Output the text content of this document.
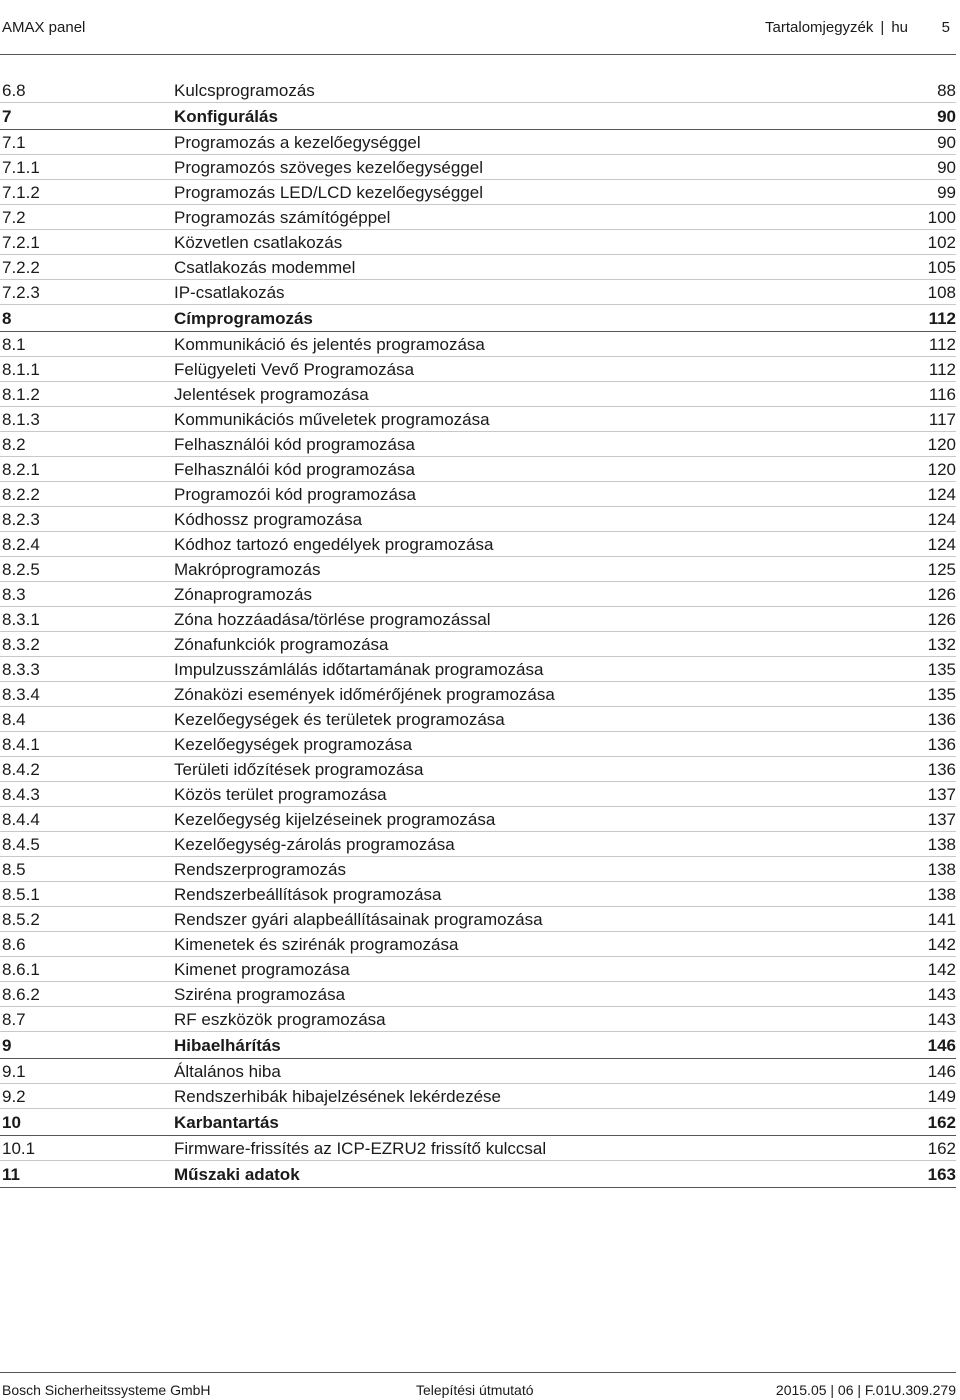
AMAX panel	Tartalomjegyzék | hu 5
6.8	Kulcsprogramozás	88
7	Konfigurálás	90
7.1	Programozás a kezelőegységgel	90
7.1.1	Programozós szöveges kezelőegységgel	90
7.1.2	Programozás LED/LCD kezelőegységgel	99
7.2	Programozás számítógéppel	100
7.2.1	Közvetlen csatlakozás	102
7.2.2	Csatlakozás modemmel	105
7.2.3	IP-csatlakozás	108
8	Címprogramozás	112
8.1	Kommunikáció és jelentés programozása	112
8.1.1	Felügyeleti Vevő Programozása	112
8.1.2	Jelentések programozása	116
8.1.3	Kommunikációs műveletek programozása	117
8.2	Felhasználói kód programozása	120
8.2.1	Felhasználói kód programozása	120
8.2.2	Programozói kód programozása	124
8.2.3	Kódhossz programozása	124
8.2.4	Kódhoz tartozó engedélyek programozása	124
8.2.5	Makróprogramozás	125
8.3	Zónaprogramozás	126
8.3.1	Zóna hozzáadása/törlése programozással	126
8.3.2	Zónafunkciók programozása	132
8.3.3	Impulzusszámlálás időtartamának programozása	135
8.3.4	Zónaközi események időmérőjének programozása	135
8.4	Kezelőegységek és területek programozása	136
8.4.1	Kezelőegységek programozása	136
8.4.2	Területi időzítések programozása	136
8.4.3	Közös terület programozása	137
8.4.4	Kezelőegység kijelzéseinek programozása	137
8.4.5	Kezelőegység-zárolás programozása	138
8.5	Rendszerprogramozás	138
8.5.1	Rendszerbeállítások programozása	138
8.5.2	Rendszer gyári alapbeállításainak programozása	141
8.6	Kimenetek és szirénák programozása	142
8.6.1	Kimenet programozása	142
8.6.2	Sziréna programozása	143
8.7	RF eszközök programozása	143
9	Hibaelhárítás	146
9.1	Általános hiba	146
9.2	Rendszerhibák hibajelzésének lekérdezése	149
10	Karbantartás	162
10.1	Firmware-frissítés az ICP-EZRU2 frissítő kulccsal	162
11	Műszaki adatok	163
Bosch Sicherheitssysteme GmbH	Telepítési útmutató	2015.05 | 06 | F.01U.309.279
